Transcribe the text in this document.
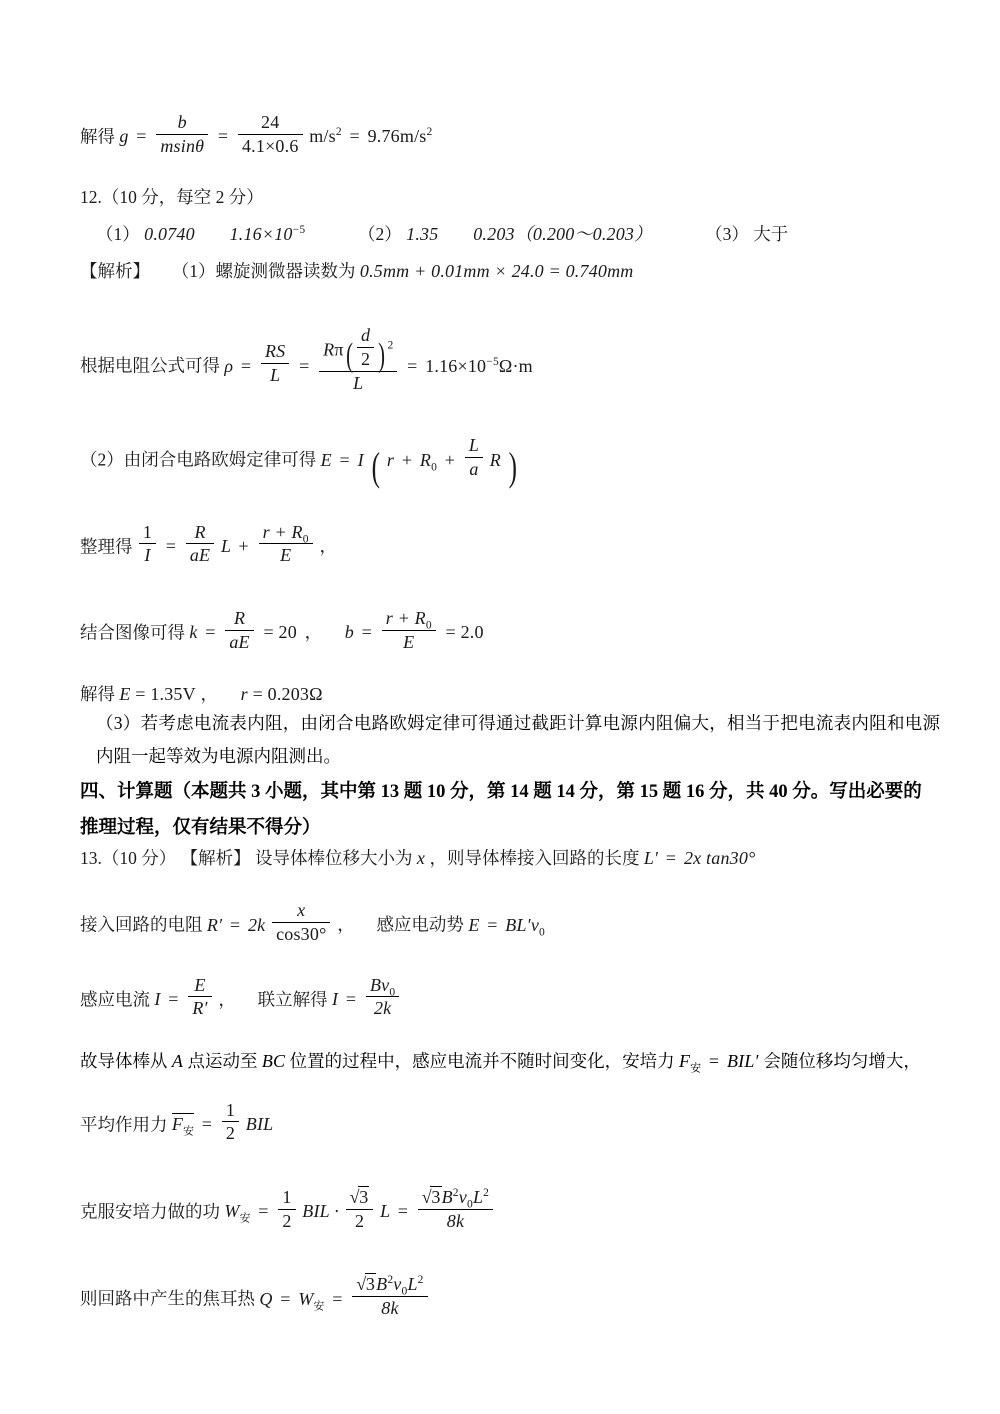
解得 $g = \frac{b}{msin\theta} = \frac{24}{4.1\times 0.6} m/s^2 = 9.76m/s^2$
12.（10 分，每空 2 分）
（1） 0.0740 $1.16\times 10^{-5}$	（2） 1.35 0.203（0.200～0.203）	（3） 大于
【解析】 （1）螺旋测微器读数为 0.5mm + 0.01mm × 24.0 = 0.740mm
根据电阻公式可得 $\rho = \frac{RS}{L} = \frac{R\pi( \frac{d}{2} ) ^2}{L} = 1.16\times 10^{-5}\Omega\cdot m$
（2）由闭合电路欧姆定律可得 E = I ( $r + R_0 + \frac{L}{a}$ R )
整理得 $\frac{1}{I} = \frac{R}{aE}$ $L + \frac{r + R_0}{E}$ ，
结合图像可得 $k = \frac{R}{aE} = 20$ ， $b = \frac{r + R_0}{E} = 2.0$
解得 E = 1.35V ， r = 0.203Ω
（3）若考虑电流表内阻，由闭合电路欧姆定律可得通过截距计算电源内阻偏大，相当于把电流表内阻和电源内阻一起等效为电源内阻测出。
四、计算题（本题共 3 小题，其中第 13 题 10 分，第 14 题 14 分，第 15 题 16 分，共 40 分。写出必要的推理过程，仅有结果不得分）
13.（10 分） 【解析】 设导体棒位移大小为 x ，则导体棒接入回路的长度 L′ = 2x tan30°
接入回路的电阻 $R' = 2k \frac{x}{\cos 30^\circ}$ ， 感应电动势 $E = BL'v_0$
感应电流 $I = \frac{E}{R'}$ ， 联立解得 $I = \frac{Bv_0}{2k}$
故导体棒从 A 点运动至 BC 位置的过程中，感应电流并不随时间变化，安培力 $F_安 = BIL'$ 会随位移均匀增大，
平均作用力 $F_安 = \frac{1}{2}$ BIL
克服安培力做的功 $W_安 = \frac{1}{2}$ BIL · $\frac{√3}{2}$ $L = \frac{√3B^2v_0L^2}{8k}$
则回路中产生的焦耳热 $Q = W_安 = \frac{√3B^2v_0L^2}{8k}$
